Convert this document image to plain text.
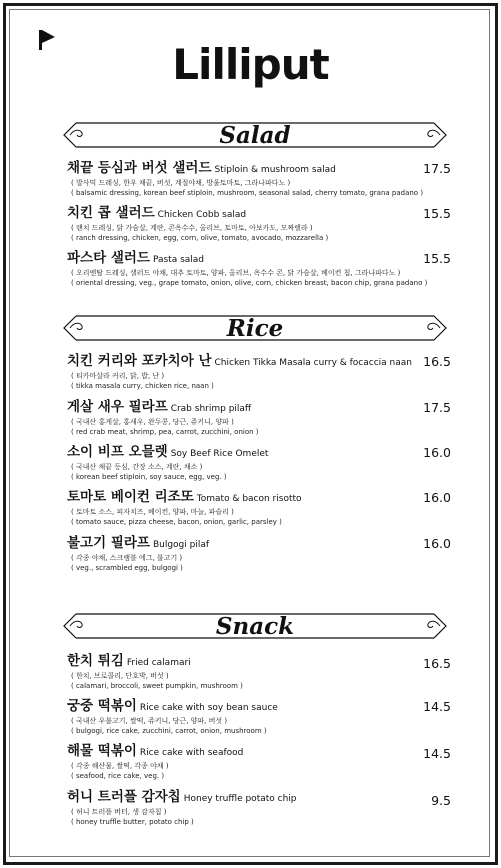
Lilliput
Salad
채끝 등심과 버섯 샐러드 Stiploin & mushroom salad	17.5
( 발사믹 드레싱, 한우 채끝, 버섯, 계절야채, 방울토마토, 그라나파다노 )
( balsamic dressing, korean beef stiploin, mushroom, seasonal salad, cherry tomato, grana padano )
치킨 콥 샐러드 Chicken Cobb salad	15.5
( 랜치 드레싱, 닭 가슴살, 계란, 콘옥수수, 올리브, 토마토, 아보카도, 모짜렐라 )
( ranch dressing, chicken, egg, corn, olive, tomato, avocado, mozzarella )
파스타 샐러드 Pasta salad	15.5
( 오리엔탈 드레싱, 샐러드 야채, 대추 토마토, 양파, 올리브, 옥수수 콘, 닭 가슴살, 베이컨 칩, 그라나파다노 )
( oriental dressing, veg., grape tomato, onion, olive, corn, chicken breast, bacon chip, grana padano )
Rice
치킨 커리와 포카치아 난 Chicken Tikka Masala curry & focaccia naan 16.5
( 티카마살라 커리, 닭, 밥, 난 )
( tikka masala curry, chicken rice, naan )
게살 새우 필라프 Crab shrimp pilaff	17.5
( 국내산 홍게살, 홍새우, 완두콩, 당근, 쥬키니, 양파 )
( red crab meat, shrimp, pea, carrot, zucchini, onion )
소이 비프 오믈렛 Soy Beef Rice Omelet	16.0
( 국내산 채끝 등심, 간장 소스, 계란, 채소 )
( korean beef stiploin, soy sauce, egg, veg. )
토마토 베이컨 리조또 Tomato & bacon risotto	16.0
( 토마토 소스, 피자치즈, 베이컨, 양파, 마늘, 파슬리 )
( tomato sauce, pizza cheese, bacon, onion, garlic, parsley )
불고기 필라프 Bulgogi pilaf	16.0
( 각종 야채, 스크램블 에그, 불고기 )
( veg., scrambled egg, bulgogi )
Snack
한치 튀김 Fried calamari	16.5
( 한치, 브로콜리, 단호박, 버섯 )
( calamari, broccoli, sweet pumpkin, mushroom )
궁중 떡볶이 Rice cake with soy bean sauce	14.5
( 국내산 우불고기, 쌀떡, 쥬키니, 당근, 양파, 버섯 )
( bulgogi, rice cake, zucchini, carrot, onion, mushroom )
해물 떡볶이 Rice cake with seafood	14.5
( 각종 해산물, 쌀떡, 각종 야채 )
( seafood, rice cake, veg. )
허니 트러플 감자칩 Honey truffle potato chip	9.5
( 허니 트러플 버터, 생 감자칩 )
( honey truffle butter, potato chip )
